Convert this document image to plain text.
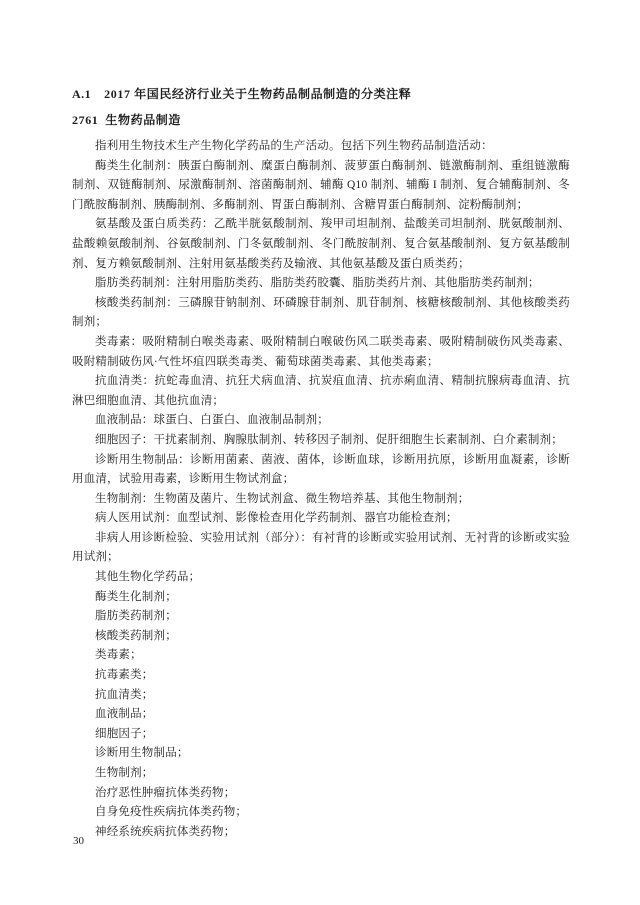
A.1 2017 年国民经济行业关于生物药品制品制造的分类注释
2761 生物药品制造

指利用生物技术生产生物化学药品的生产活动。包括下列生物药品制造活动：

酶类生化制剂：胰蛋白酶制剂、糜蛋白酶制剂、菠萝蛋白酶制剂、链激酶制剂、重组链激酶制剂、双链酶制剂、尿激酶制剂、溶菌酶制剂、辅酶 Q10 制剂、辅酶 I 制剂、复合辅酶制剂、冬门酰胺酶制剂、胰酶制剂、多酶制剂、胃蛋白酶制剂、含糖胃蛋白酶制剂、淀粉酶制剂；

氨基酸及蛋白质类药：乙酰半胱氨酸制剂、羧甲司坦制剂、盐酸美司坦制剂、胱氨酸制剂、盐酸赖氨酸制剂、谷氨酸制剂、门冬氨酸制剂、冬门酰胺制剂、复合氨基酸制剂、复方氨基酸制剂、复方赖氨酸制剂、注射用氨基酸类药及输液、其他氨基酸及蛋白质类药；

脂肪类药制剂：注射用脂肪类药、脂肪类药胶囊、脂肪类药片剂、其他脂肪类药制剂；

核酸类药制剂：三磷腺苷钠制剂、环磷腺苷制剂、肌苷制剂、核糖核酸制剂、其他核酸类药制剂；

类毒素：吸附精制白喉类毒素、吸附精制白喉破伤风二联类毒素、吸附精制破伤风类毒素、吸附精制破伤风·气性坏疽四联类毒类、葡萄球菌类毒素、其他类毒素；

抗血清类：抗蛇毒血清、抗狂犬病血清、抗炭疽血清、抗赤痢血清、精制抗腺病毒血清、抗淋巴细胞血清、其他抗血清；

血液制品：球蛋白、白蛋白、血液制品制剂；

细胞因子：干扰素制剂、胸腺肽制剂、转移因子制剂、促肝细胞生长素制剂、白介素制剂；

诊断用生物制品：诊断用菌素、菌液、菌体，诊断血球，诊断用抗原，诊断用血凝素，诊断用血清，试验用毒素，诊断用生物试剂盒；

生物制剂：生物菌及菌片、生物试剂盒、微生物培养基、其他生物制剂；

病人医用试剂：血型试剂、影像检查用化学药制剂、器官功能检查剂；

非病人用诊断检验、实验用试剂（部分）：有衬背的诊断或实验用试剂、无衬背的诊断或实验用试剂；

其他生物化学药品；

酶类生化制剂；

脂肪类药制剂；

核酸类药制剂；

类毒素；

抗毒素类；

抗血清类；

血液制品；

细胞因子；

诊断用生物制品；

生物制剂；

治疗恶性肿瘤抗体类药物；

自身免疫性疾病抗体类药物；

神经系统疾病抗体类药物；

30
